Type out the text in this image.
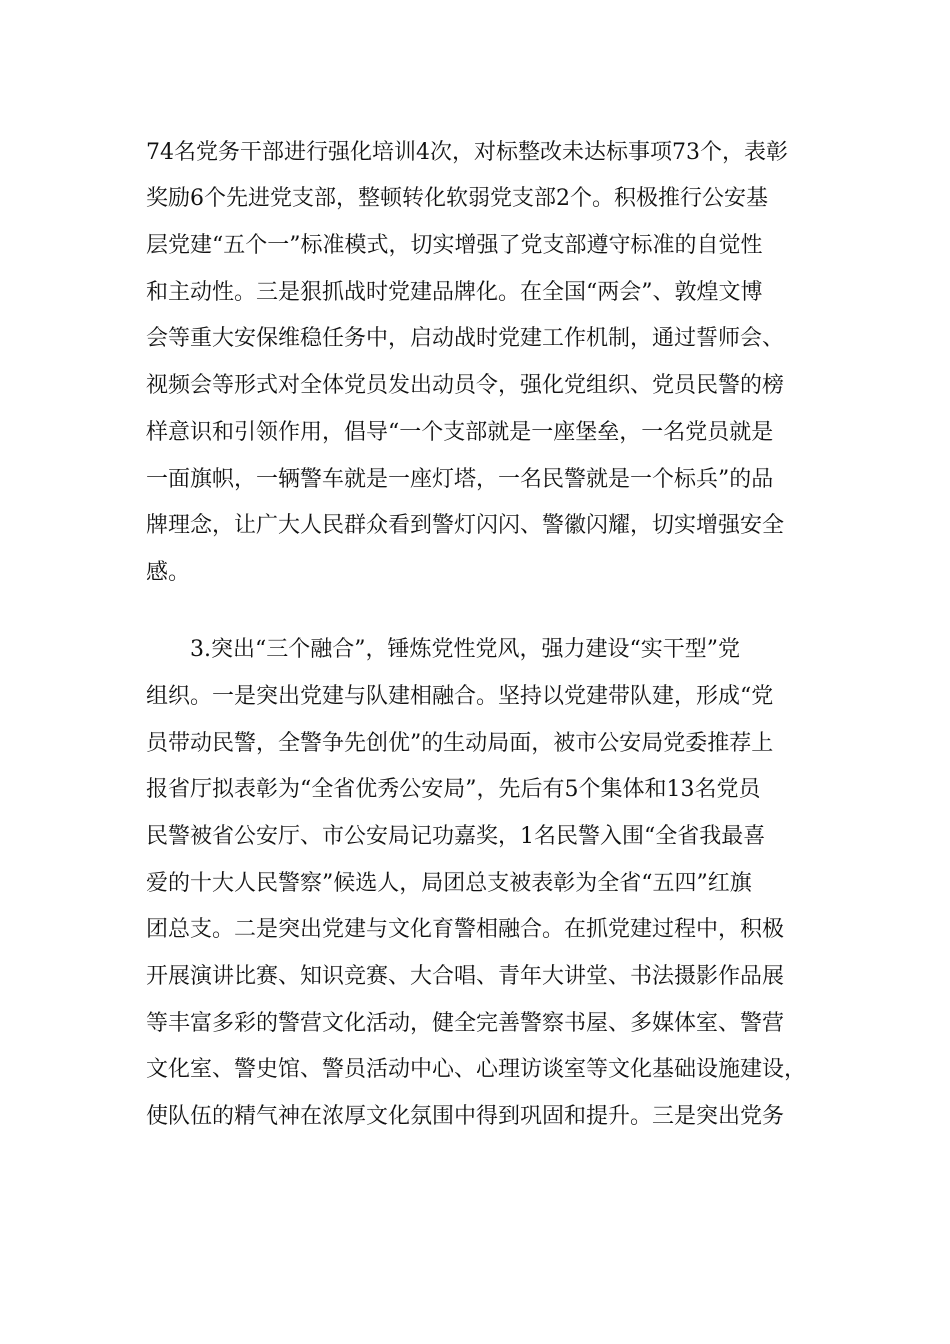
74名党务干部进行强化培训4次，对标整改未达标事项73个，表彰
奖励6个先进党支部，整顿转化软弱党支部2个。积极推行公安基
层党建“五个一”标准模式，切实增强了党支部遵守标准的自觉性
和主动性。三是狠抓战时党建品牌化。在全国“两会”、敦煌文博
会等重大安保维稳任务中，启动战时党建工作机制，通过誓师会、
视频会等形式对全体党员发出动员令，强化党组织、党员民警的榜
样意识和引领作用，倡导“一个支部就是一座堡垒，一名党员就是
一面旗帜，一辆警车就是一座灯塔，一名民警就是一个标兵”的品
牌理念，让广大人民群众看到警灯闪闪、警徽闪耀，切实增强安全
感。
3.突出“三个融合”，锤炼党性党风，强力建设“实干型”党
组织。一是突出党建与队建相融合。坚持以党建带队建，形成“党
员带动民警，全警争先创优”的生动局面，被市公安局党委推荐上
报省厅拟表彰为“全省优秀公安局”，先后有5个集体和13名党员
民警被省公安厅、市公安局记功嘉奖，1名民警入围“全省我最喜
爱的十大人民警察”候选人，局团总支被表彰为全省“五四”红旗
团总支。二是突出党建与文化育警相融合。在抓党建过程中，积极
开展演讲比赛、知识竞赛、大合唱、青年大讲堂、书法摄影作品展
等丰富多彩的警营文化活动，健全完善警察书屋、多媒体室、警营
文化室、警史馆、警员活动中心、心理访谈室等文化基础设施建设，
使队伍的精气神在浓厚文化氛围中得到巩固和提升。三是突出党务
